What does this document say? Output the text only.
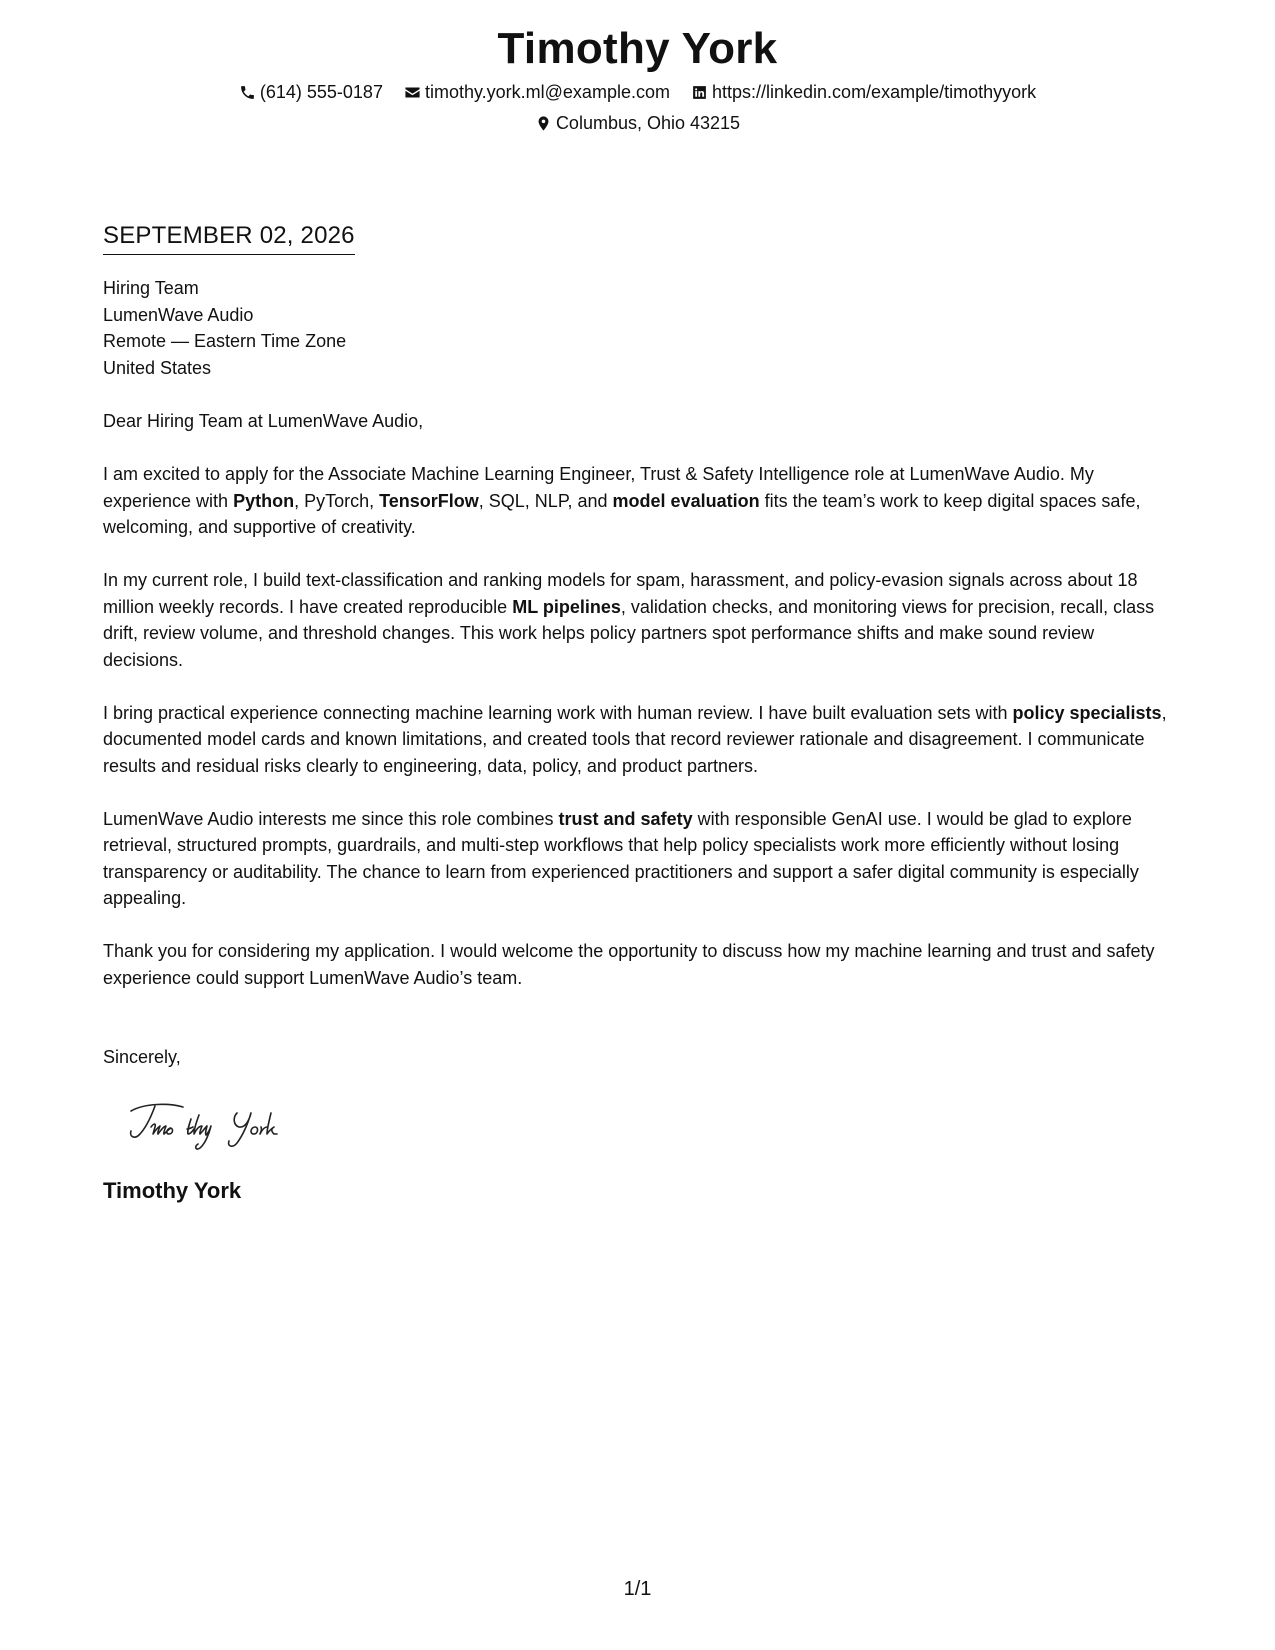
Timothy York
(614) 555-0187
timothy.york.ml@example.com
https://linkedin.com/example/timothyyork
Columbus, Ohio 43215
SEPTEMBER 02, 2026
Hiring Team
LumenWave Audio
Remote — Eastern Time Zone
United States
Dear Hiring Team at LumenWave Audio,

I am excited to apply for the Associate Machine Learning Engineer, Trust & Safety Intelligence role at LumenWave Audio. My experience with Python, PyTorch, TensorFlow, SQL, NLP, and model evaluation fits the team’s work to keep digital spaces safe, welcoming, and supportive of creativity.

In my current role, I build text-classification and ranking models for spam, harassment, and policy-evasion signals across about 18 million weekly records. I have created reproducible ML pipelines, validation checks, and monitoring views for precision, recall, class drift, review volume, and threshold changes. This work helps policy partners spot performance shifts and make sound review decisions.

I bring practical experience connecting machine learning work with human review. I have built evaluation sets with policy specialists, documented model cards and known limitations, and created tools that record reviewer rationale and disagreement. I communicate results and residual risks clearly to engineering, data, policy, and product partners.

LumenWave Audio interests me since this role combines trust and safety with responsible GenAI use. I would be glad to explore retrieval, structured prompts, guardrails, and multi-step workflows that help policy specialists work more efficiently without losing transparency or auditability. The chance to learn from experienced practitioners and support a safer digital community is especially appealing.

Thank you for considering my application. I would welcome the opportunity to discuss how my machine learning and trust and safety experience could support LumenWave Audio’s team.

Sincerely,
Timothy York
Timothy York
1/1
